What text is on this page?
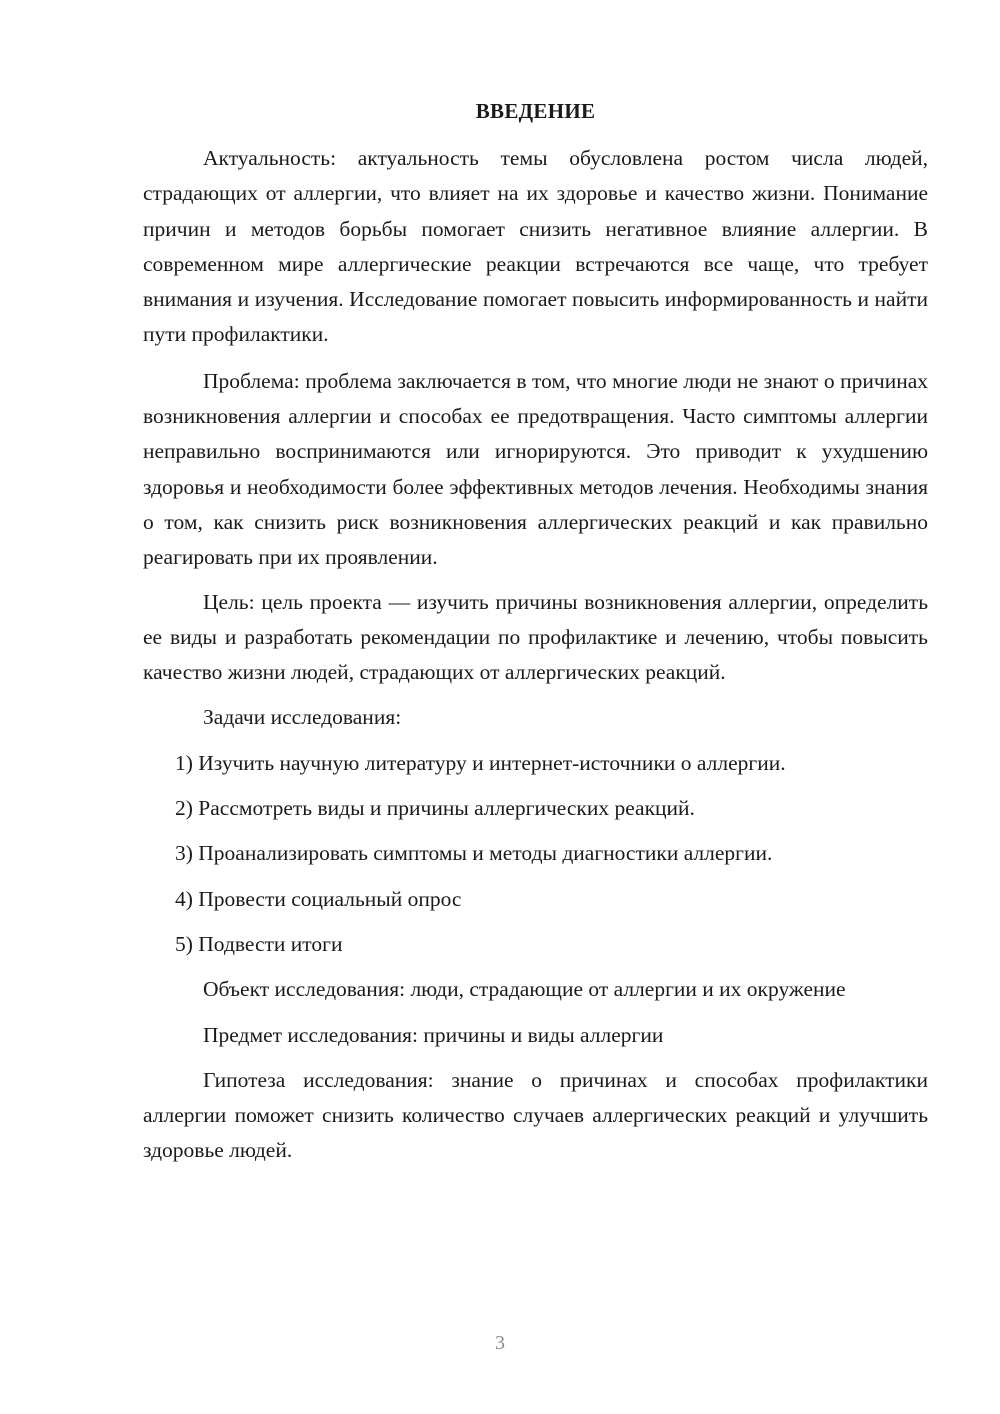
ВВЕДЕНИЕ

Актуальность: актуальность темы обусловлена ростом числа людей, страдающих от аллергии, что влияет на их здоровье и качество жизни. Понимание причин и методов борьбы помогает снизить негативное влияние аллергии. В современном мире аллергические реакции встречаются все чаще, что требует внимания и изучения. Исследование помогает повысить информированность и найти пути профилактики.

Проблема: проблема заключается в том, что многие люди не знают о причинах возникновения аллергии и способах ее предотвращения. Часто симптомы аллергии неправильно воспринимаются или игнорируются. Это приводит к ухудшению здоровья и необходимости более эффективных методов лечения. Необходимы знания о том, как снизить риск возникновения аллергических реакций и как правильно реагировать при их проявлении.

Цель: цель проекта — изучить причины возникновения аллергии, определить ее виды и разработать рекомендации по профилактике и лечению, чтобы повысить качество жизни людей, страдающих от аллергических реакций.

Задачи исследования:

1) Изучить научную литературу и интернет-источники о аллергии.

2) Рассмотреть виды и причины аллергических реакций.

3) Проанализировать симптомы и методы диагностики аллергии.

4) Провести социальный опрос

5) Подвести итоги

Объект исследования: люди, страдающие от аллергии и их окружение

Предмет исследования: причины и виды аллергии

Гипотеза исследования: знание о причинах и способах профилактики аллергии поможет снизить количество случаев аллергических реакций и улучшить здоровье людей.

3
